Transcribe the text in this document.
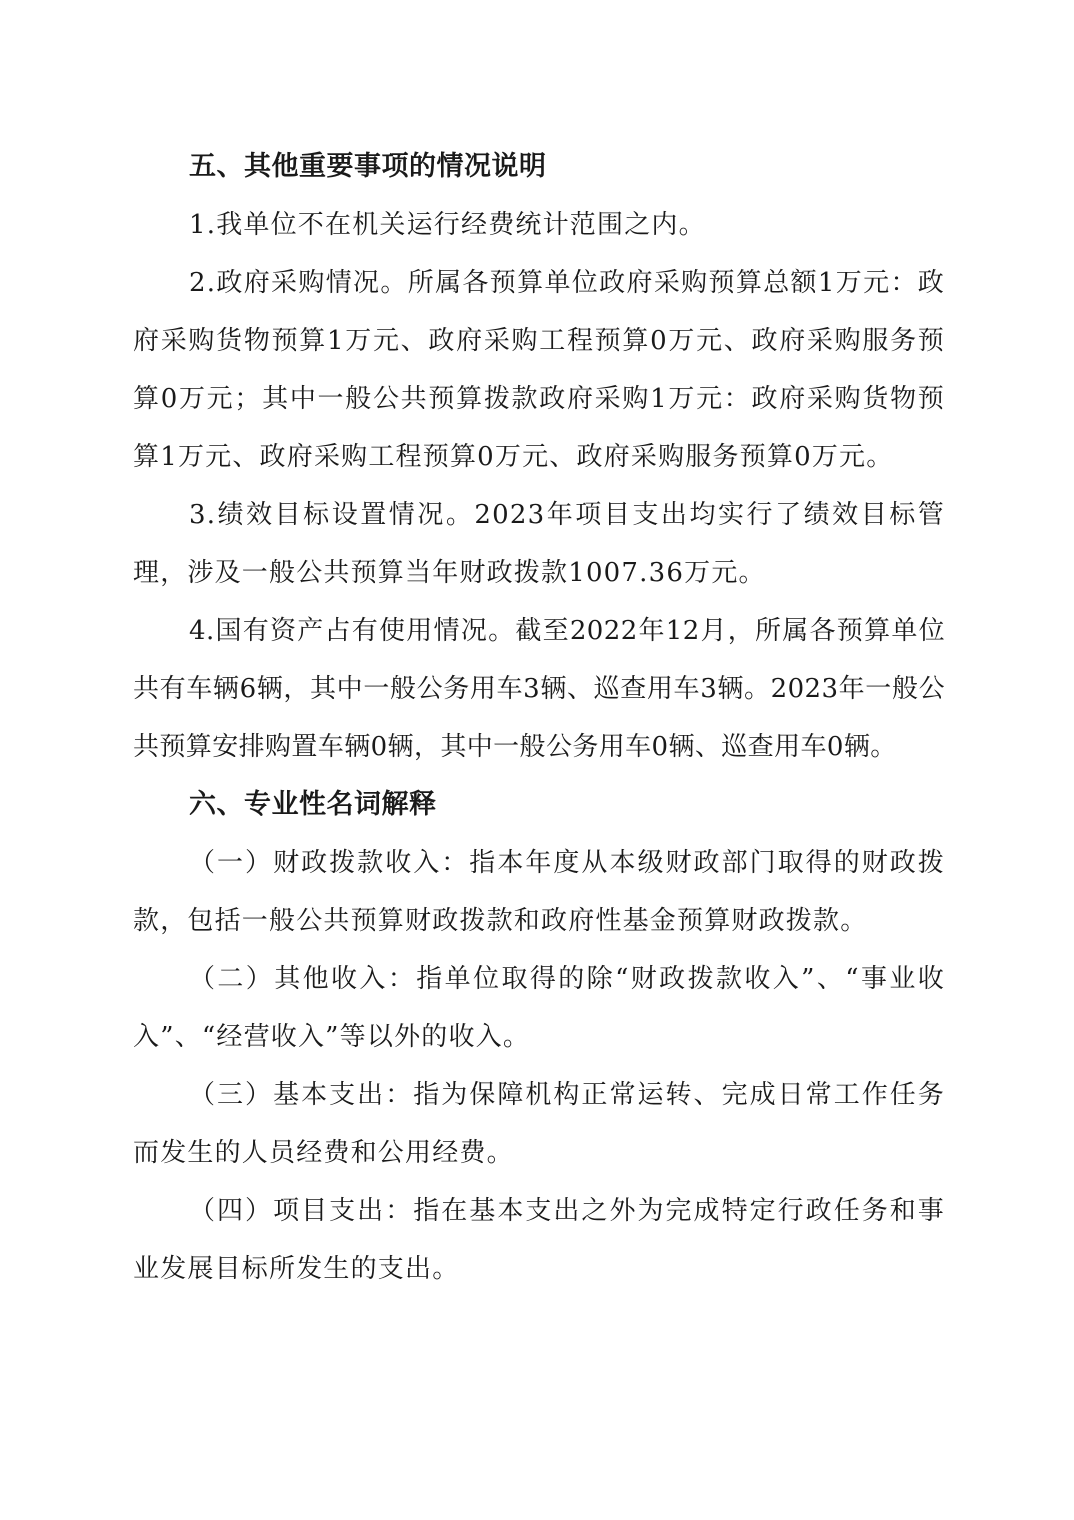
五、其他重要事项的情况说明

1.我单位不在机关运行经费统计范围之内。

2.政府采购情况。所属各预算单位政府采购预算总额1万元：政府采购货物预算1万元、政府采购工程预算0万元、政府采购服务预算0万元；其中一般公共预算拨款政府采购1万元：政府采购货物预算1万元、政府采购工程预算0万元、政府采购服务预算0万元。

3.绩效目标设置情况。2023年项目支出均实行了绩效目标管理，涉及一般公共预算当年财政拨款1007.36万元。

4.国有资产占有使用情况。截至2022年12月，所属各预算单位共有车辆6辆，其中一般公务用车3辆、巡查用车3辆。2023年一般公共预算安排购置车辆0辆，其中一般公务用车0辆、巡查用车0辆。

六、专业性名词解释

（一）财政拨款收入：指本年度从本级财政部门取得的财政拨款，包括一般公共预算财政拨款和政府性基金预算财政拨款。

（二）其他收入：指单位取得的除“财政拨款收入”、“事业收入”、“经营收入”等以外的收入。

（三）基本支出：指为保障机构正常运转、完成日常工作任务而发生的人员经费和公用经费。

（四）项目支出：指在基本支出之外为完成特定行政任务和事业发展目标所发生的支出。
